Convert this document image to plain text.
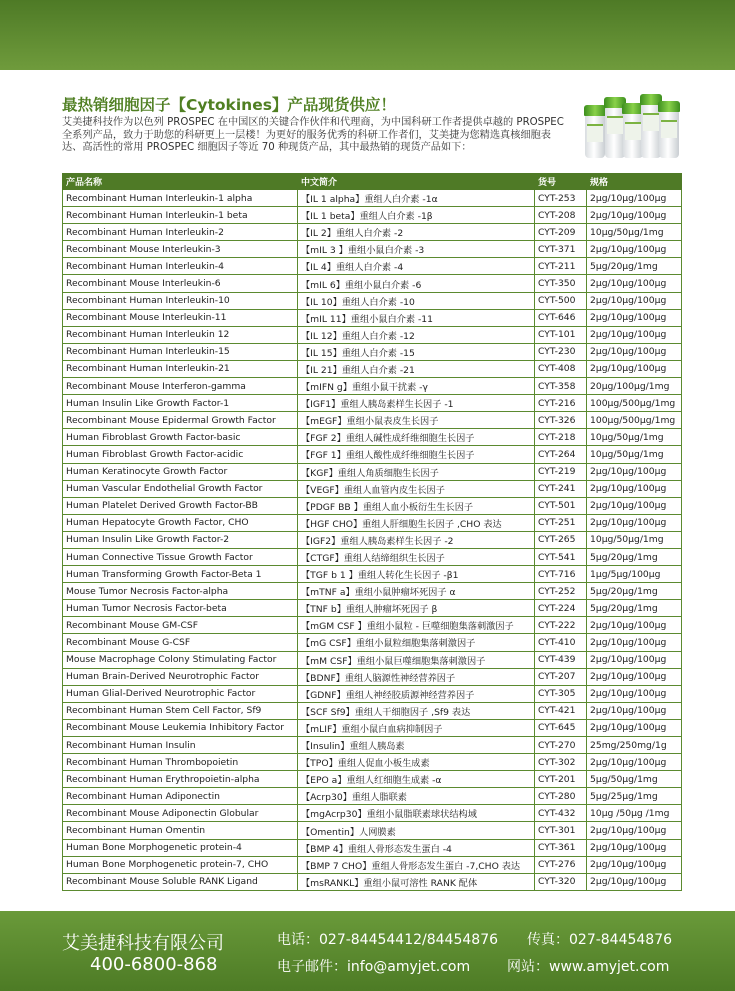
最热销细胞因子【Cytokines】产品现货供应！

艾美捷科技作为以色列 PROSPEC 在中国区的关键合作伙伴和代理商，为中国科研工作者提供卓越的 PROSPEC 全系列产品，致力于助您的科研更上一层楼！为更好的服务优秀的科研工作者们，艾美捷为您精选真核细胞表达、高活性的常用 PROSPEC 细胞因子等近 70 种现货产品，其中最热销的现货产品如下：

产品名称	中文简介	货号	规格
Recombinant Human Interleukin-1 alpha	【IL 1 alpha】重组人白介素 -1α	CYT-253	2μg/10μg/100μg
Recombinant Human Interleukin-1 beta	【IL 1 beta】重组人白介素 -1β	CYT-208	2μg/10μg/100μg
Recombinant Human Interleukin-2	【IL 2】重组人白介素 -2	CYT-209	10μg/50μg/1mg
Recombinant Mouse Interleukin-3	【mIL 3 】重组小鼠白介素 -3	CYT-371	2μg/10μg/100μg
Recombinant Human Interleukin-4	【IL 4】重组人白介素 -4	CYT-211	5μg/20μg/1mg
Recombinant Mouse Interleukin-6	【mIL 6】重组小鼠白介素 -6	CYT-350	2μg/10μg/100μg
Recombinant Human Interleukin-10	【IL 10】重组人白介素 -10	CYT-500	2μg/10μg/100μg
Recombinant Mouse Interleukin-11	【mIL 11】重组小鼠白介素 -11	CYT-646	2μg/10μg/100μg
Recombinant Human Interleukin 12	【IL 12】重组人白介素 -12	CYT-101	2μg/10μg/100μg
Recombinant Human Interleukin-15	【IL 15】重组人白介素 -15	CYT-230	2μg/10μg/100μg
Recombinant Human Interleukin-21	【IL 21】重组人白介素 -21	CYT-408	2μg/10μg/100μg
Recombinant Mouse Interferon-gamma	【mIFN g】重组小鼠干扰素 -γ	CYT-358	20μg/100μg/1mg
Human Insulin Like Growth Factor-1	【IGF1】重组人胰岛素样生长因子 -1	CYT-216	100μg/500μg/1mg
Recombinant Mouse Epidermal Growth Factor	【mEGF】重组小鼠表皮生长因子	CYT-326	100μg/500μg/1mg
Human Fibroblast Growth Factor-basic	【FGF 2】重组人碱性成纤维细胞生长因子	CYT-218	10μg/50μg/1mg
Human Fibroblast Growth Factor-acidic	【FGF 1】重组人酸性成纤维细胞生长因子	CYT-264	10μg/50μg/1mg
Human Keratinocyte Growth Factor	【KGF】重组人角质细胞生长因子	CYT-219	2μg/10μg/100μg
Human Vascular Endothelial Growth Factor	【VEGF】重组人血管内皮生长因子	CYT-241	2μg/10μg/100μg
Human Platelet Derived Growth Factor-BB	【PDGF BB 】重组人血小板衍生生长因子	CYT-501	2μg/10μg/100μg
Human Hepatocyte Growth Factor, CHO	【HGF CHO】重组人肝细胞生长因子 ,CHO 表达	CYT-251	2μg/10μg/100μg
Human Insulin Like Growth Factor-2	【IGF2】重组人胰岛素样生长因子 -2	CYT-265	10μg/50μg/1mg
Human Connective Tissue Growth Factor	【CTGF】重组人结缔组织生长因子	CYT-541	5μg/20μg/1mg
Human Transforming Growth Factor-Beta 1	【TGF b 1 】重组人转化生长因子 -β1	CYT-716	1μg/5μg/100μg
Mouse Tumor Necrosis Factor-alpha	【mTNF a】重组小鼠肿瘤坏死因子 α	CYT-252	5μg/20μg/1mg
Human Tumor Necrosis Factor-beta	【TNF b】重组人肿瘤坏死因子 β	CYT-224	5μg/20μg/1mg
Recombinant Mouse GM-CSF	【mGM CSF 】重组小鼠粒 - 巨噬细胞集落刺激因子	CYT-222	2μg/10μg/100μg
Recombinant Mouse G-CSF	【mG CSF】重组小鼠粒细胞集落刺激因子	CYT-410	2μg/10μg/100μg
Mouse Macrophage Colony Stimulating Factor	【mM CSF】重组小鼠巨噬细胞集落刺激因子	CYT-439	2μg/10μg/100μg
Human Brain-Derived Neurotrophic Factor	【BDNF】重组人脑源性神经营养因子	CYT-207	2μg/10μg/100μg
Human Glial-Derived Neurotrophic Factor	【GDNF】重组人神经胶质源神经营养因子	CYT-305	2μg/10μg/100μg
Recombinant Human Stem Cell Factor, Sf9	【SCF Sf9】重组人干细胞因子 ,Sf9 表达	CYT-421	2μg/10μg/100μg
Recombinant Mouse Leukemia Inhibitory Factor	【mLIF】重组小鼠白血病抑制因子	CYT-645	2μg/10μg/100μg
Recombinant Human Insulin	【Insulin】重组人胰岛素	CYT-270	25mg/250mg/1g
Recombinant Human Thrombopoietin	【TPO】重组人促血小板生成素	CYT-302	2μg/10μg/100μg
Recombinant Human Erythropoietin-alpha	【EPO a】重组人红细胞生成素 -α	CYT-201	5μg/50μg/1mg
Recombinant Human Adiponectin	【Acrp30】重组人脂联素	CYT-280	5μg/25μg/1mg
Recombinant Mouse Adiponectin Globular	【mgAcrp30】重组小鼠脂联素球状结构域	CYT-432	10μg /50μg /1mg
Recombinant Human Omentin	【Omentin】人网膜素	CYT-301	2μg/10μg/100μg
Human Bone Morphogenetic protein-4	【BMP 4】重组人骨形态发生蛋白 -4	CYT-361	2μg/10μg/100μg
Human Bone Morphogenetic protein-7, CHO	【BMP 7 CHO】重组人骨形态发生蛋白 -7,CHO 表达	CYT-276	2μg/10μg/100μg
Recombinant Mouse Soluble RANK Ligand	【msRANKL】重组小鼠可溶性 RANK 配体	CYT-320	2μg/10μg/100μg
艾美捷科技有限公司
400-6800-868
电话：027-84454412/84454876 传真：027-84454876
电子邮件：info@amyjet.com	网站：www.amyjet.com
